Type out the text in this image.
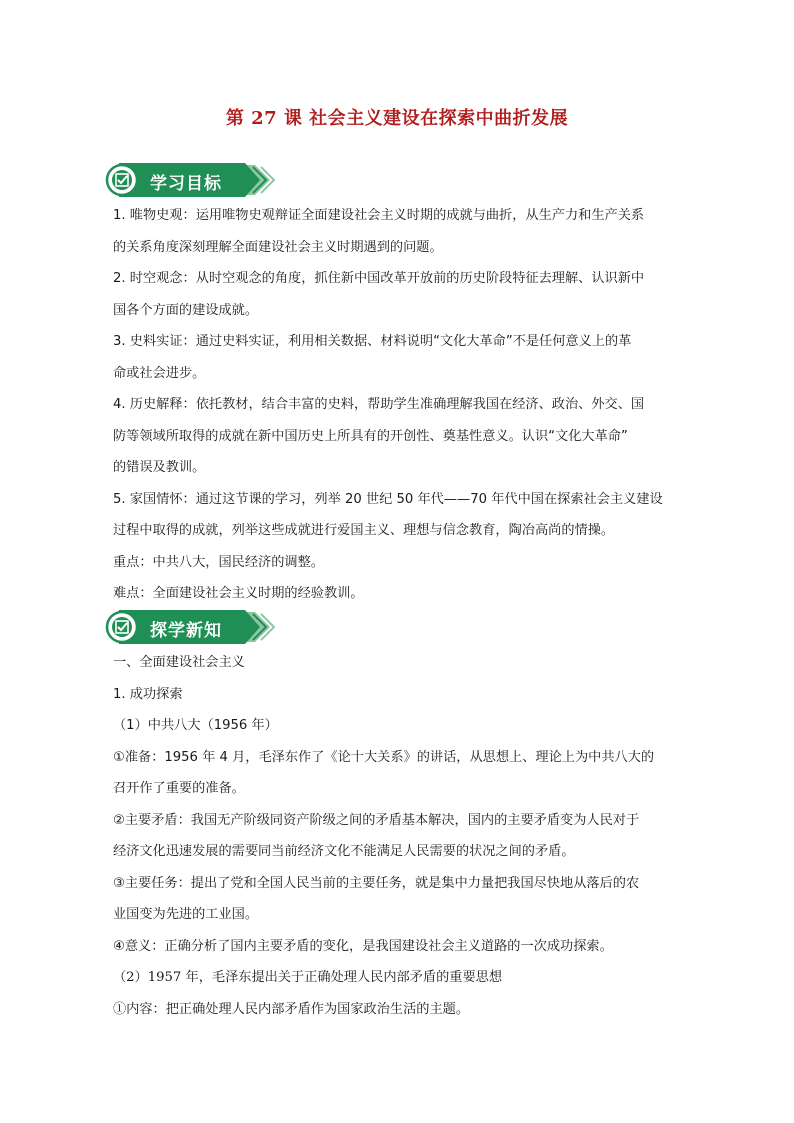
第 27 课 社会主义建设在探索中曲折发展
学习目标

1. 唯物史观：运用唯物史观辩证全面建设社会主义时期的成就与曲折，从生产力和生产关系

的关系角度深刻理解全面建设社会主义时期遇到的问题。

2. 时空观念：从时空观念的角度，抓住新中国改革开放前的历史阶段特征去理解、认识新中

国各个方面的建设成就。

3. 史料实证：通过史料实证，利用相关数据、材料说明“文化大革命”不是任何意义上的革

命或社会进步。

4. 历史解释：依托教材，结合丰富的史料，帮助学生准确理解我国在经济、政治、外交、国

防等领域所取得的成就在新中国历史上所具有的开创性、奠基性意义。认识“文化大革命”

的错误及教训。

5. 家国情怀：通过这节课的学习，列举 20 世纪 50 年代——70 年代中国在探索社会主义建设

过程中取得的成就，列举这些成就进行爱国主义、理想与信念教育，陶冶高尚的情操。

重点：中共八大，国民经济的调整。

难点：全面建设社会主义时期的经验教训。

探学新知

一、全面建设社会主义

1. 成功探索

（1）中共八大（1956 年）

①准备：1956 年 4 月，毛泽东作了《论十大关系》的讲话，从思想上、理论上为中共八大的

召开作了重要的准备。

②主要矛盾：我国无产阶级同资产阶级之间的矛盾基本解决，国内的主要矛盾变为人民对于

经济文化迅速发展的需要同当前经济文化不能满足人民需要的状况之间的矛盾。

③主要任务：提出了党和全国人民当前的主要任务，就是集中力量把我国尽快地从落后的农

业国变为先进的工业国。

④意义：正确分析了国内主要矛盾的变化，是我国建设社会主义道路的一次成功探索。

（2）1957 年，毛泽东提出关于正确处理人民内部矛盾的重要思想

①内容：把正确处理人民内部矛盾作为国家政治生活的主题。
